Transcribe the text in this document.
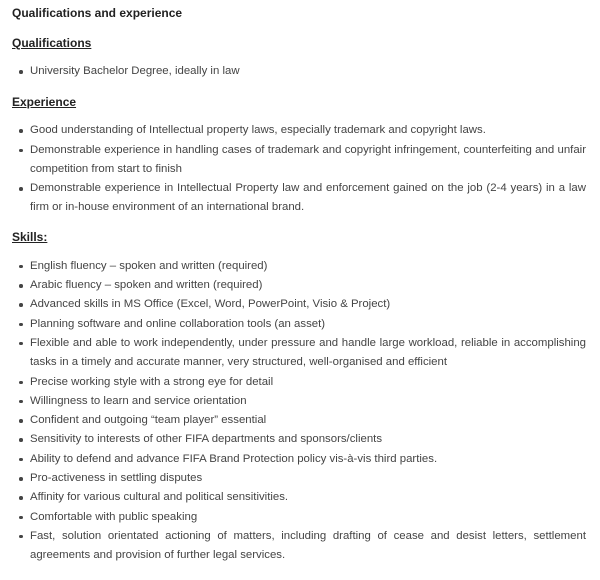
Qualifications and experience
Qualifications
University Bachelor Degree, ideally in law
Experience
Good understanding of Intellectual property laws, especially trademark and copyright laws.
Demonstrable experience in handling cases of trademark and copyright infringement, counterfeiting and unfair competition from start to finish
Demonstrable experience in Intellectual Property law and enforcement gained on the job (2-4 years) in a law firm or in-house environment of an international brand.
Skills:
English fluency – spoken and written (required)
Arabic fluency – spoken and written (required)
Advanced skills in MS Office (Excel, Word, PowerPoint, Visio & Project)
Planning software and online collaboration tools (an asset)
Flexible and able to work independently, under pressure and handle large workload, reliable in accomplishing tasks in a timely and accurate manner, very structured, well-organised and efficient
Precise working style with a strong eye for detail
Willingness to learn and service orientation
Confident and outgoing “team player” essential
Sensitivity to interests of other FIFA departments and sponsors/clients
Ability to defend and advance FIFA Brand Protection policy vis-à-vis third parties.
Pro-activeness in settling disputes
Affinity for various cultural and political sensitivities.
Comfortable with public speaking
Fast, solution orientated actioning of matters, including drafting of cease and desist letters, settlement agreements and provision of further legal services.
